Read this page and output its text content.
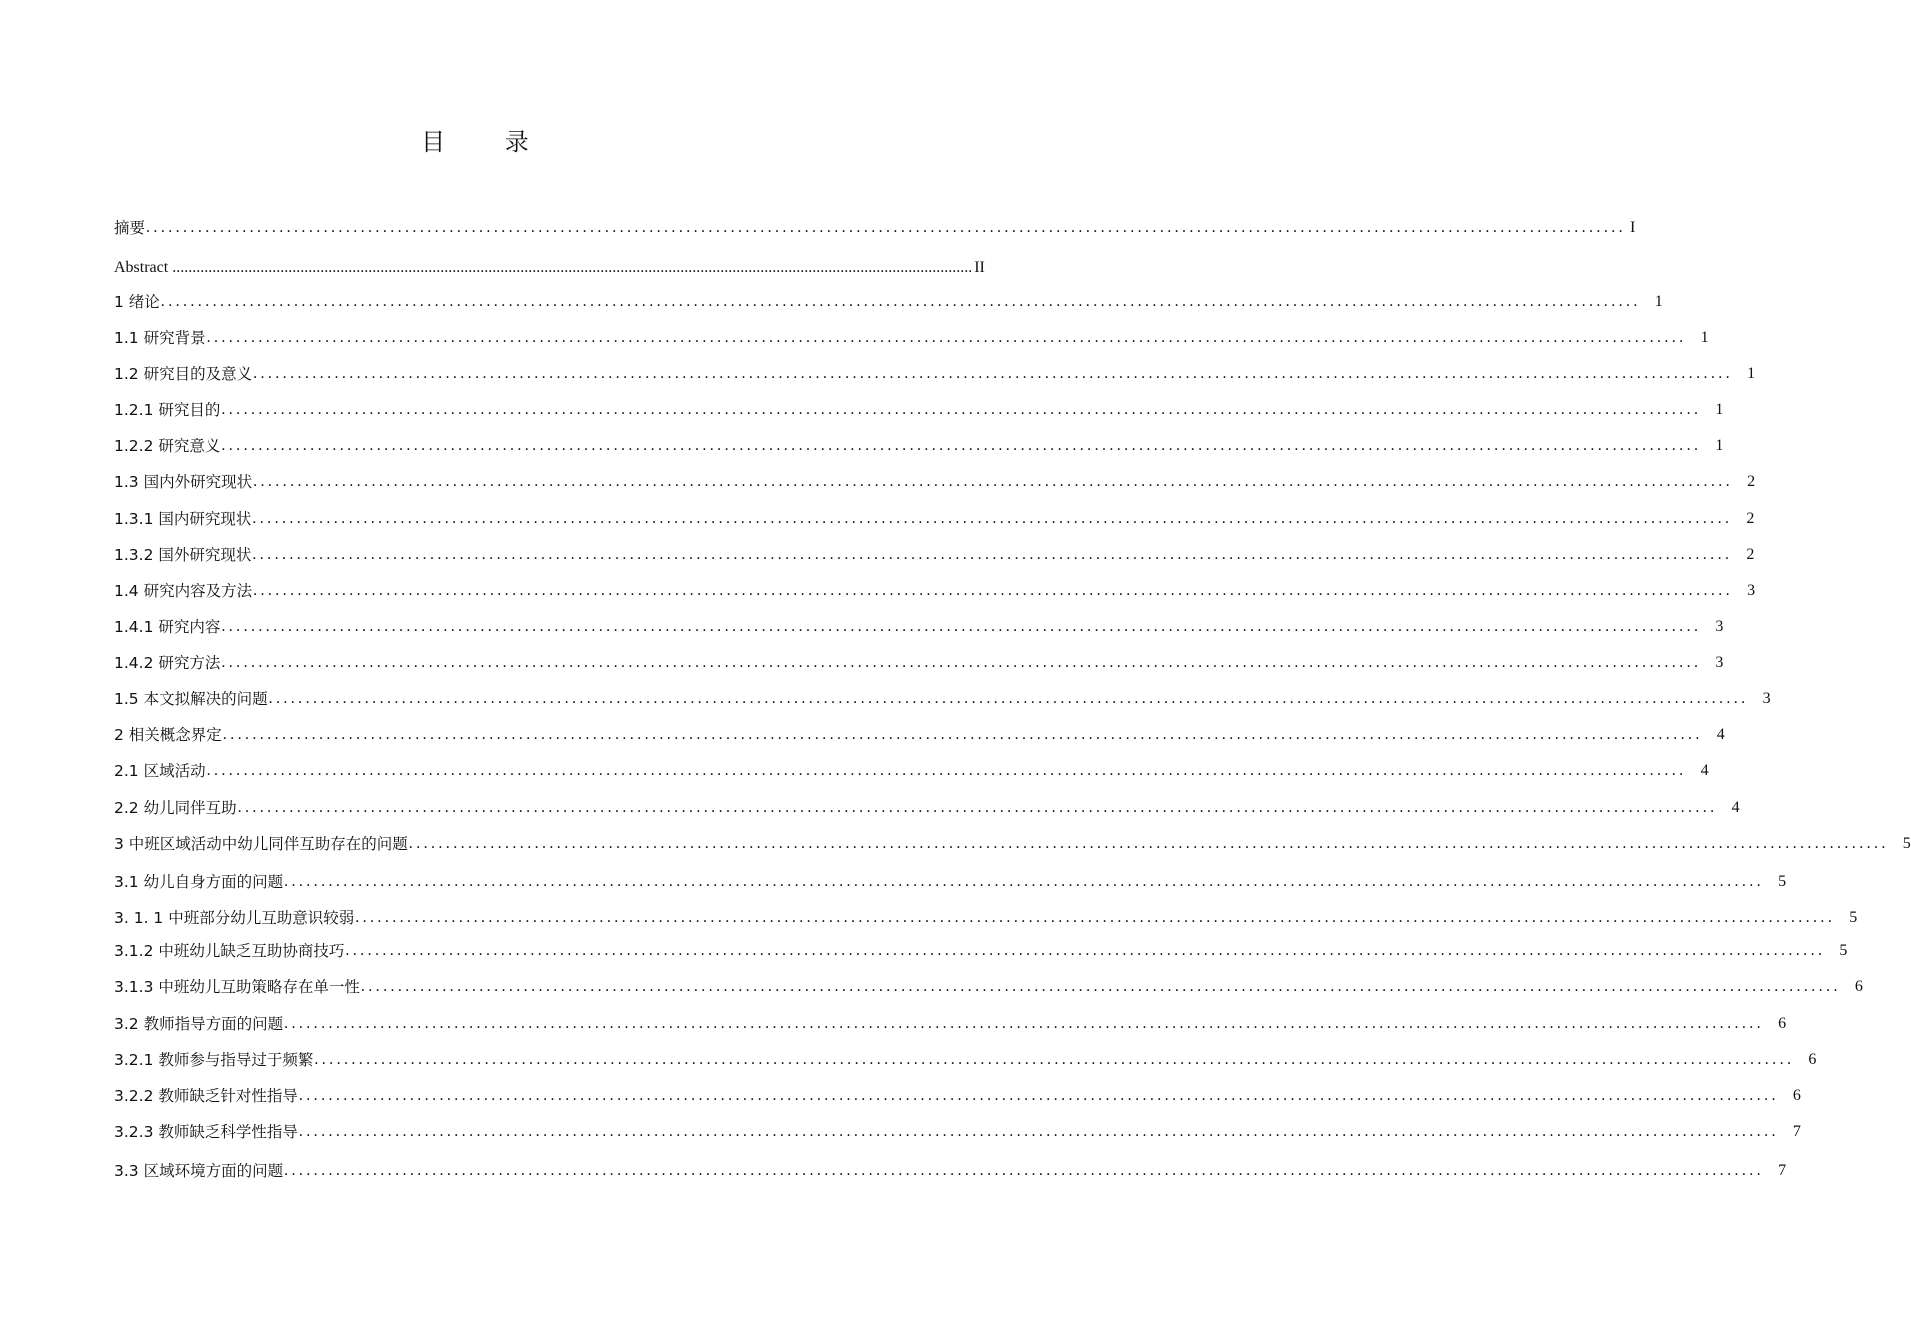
目 录
摘要 ........................................................................................................................................................................................................ I
Abstract ........................................................................................................................................................................................................ II
1 绪论 ........................................................................................................................................................................................................ 1
1.1 研究背景 ........................................................................................................................................................................................................ 1
1.2 研究目的及意义 ........................................................................................................................................................................................................ 1
1.2.1 研究目的 ........................................................................................................................................................................................................ 1
1.2.2 研究意义 ........................................................................................................................................................................................................ 1
1.3 国内外研究现状 ........................................................................................................................................................................................................ 2
1.3.1 国内研究现状 ........................................................................................................................................................................................................ 2
1.3.2 国外研究现状 ........................................................................................................................................................................................................ 2
1.4 研究内容及方法 ........................................................................................................................................................................................................ 3
1.4.1 研究内容 ........................................................................................................................................................................................................ 3
1.4.2 研究方法 ........................................................................................................................................................................................................ 3
1.5 本文拟解决的问题 ........................................................................................................................................................................................................ 3
2 相关概念界定 ........................................................................................................................................................................................................ 4
2.1 区域活动 ........................................................................................................................................................................................................ 4
2.2 幼儿同伴互助 ........................................................................................................................................................................................................ 4
3 中班区域活动中幼儿同伴互助存在的问题 ........................................................................................................................................................................................................ 5
3.1 幼儿自身方面的问题 ........................................................................................................................................................................................................ 5
3. 1. 1 中班部分幼儿互助意识较弱 ........................................................................................................................................................................................................ 5
3.1.2 中班幼儿缺乏互助协商技巧 ........................................................................................................................................................................................................ 5
3.1.3 中班幼儿互助策略存在单一性 ........................................................................................................................................................................................................ 6
3.2 教师指导方面的问题 ........................................................................................................................................................................................................ 6
3.2.1 教师参与指导过于频繁 ........................................................................................................................................................................................................ 6
3.2.2 教师缺乏针对性指导 ........................................................................................................................................................................................................ 6
3.2.3 教师缺乏科学性指导 ........................................................................................................................................................................................................ 7
3.3 区域环境方面的问题 ........................................................................................................................................................................................................ 7
